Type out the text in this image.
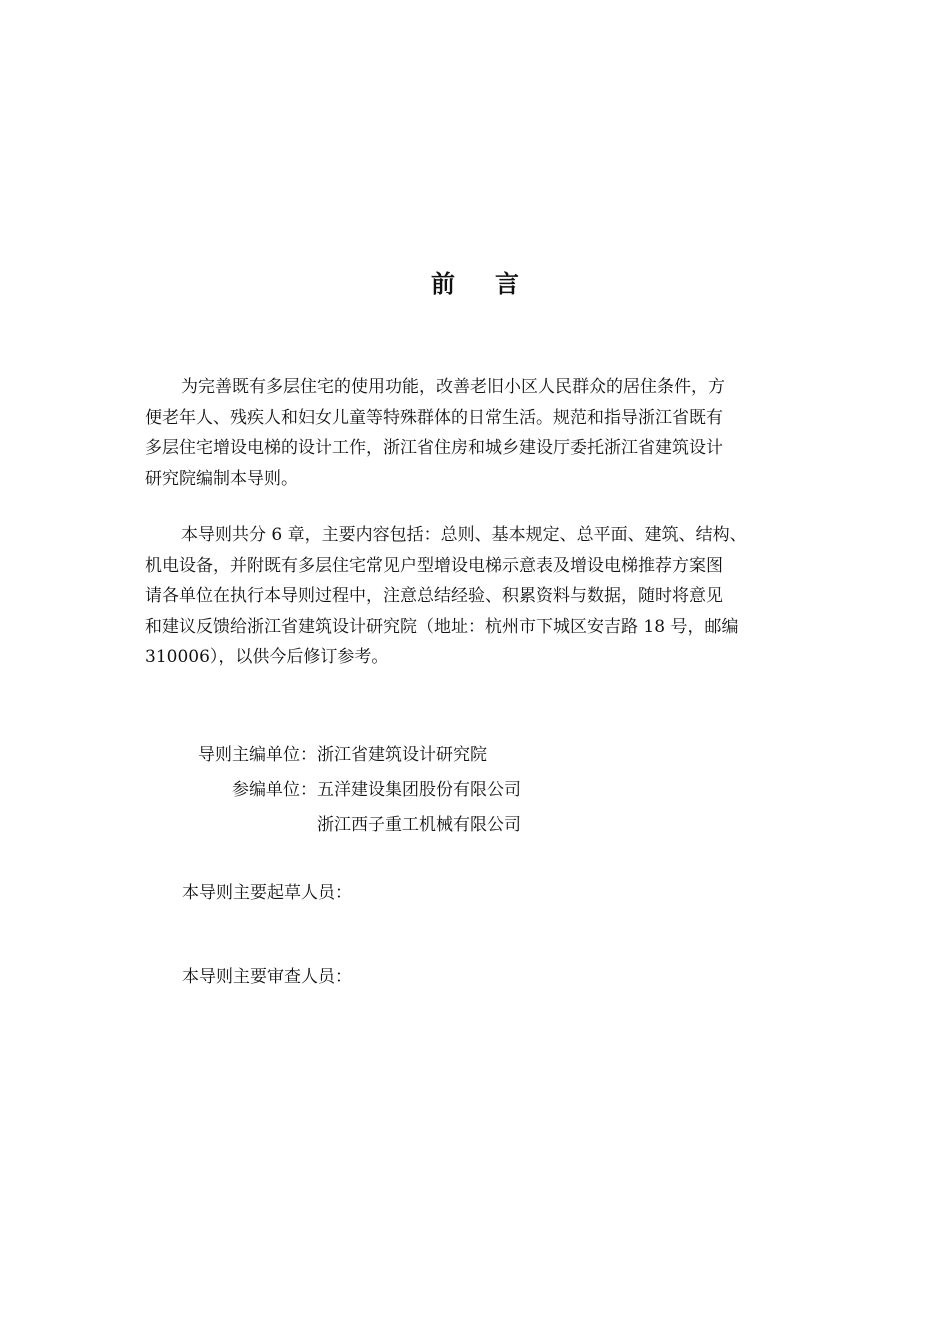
前言

为完善既有多层住宅的使用功能，改善老旧小区人民群众的居住条件，方
便老年人、残疾人和妇女儿童等特殊群体的日常生活。规范和指导浙江省既有
多层住宅增设电梯的设计工作，浙江省住房和城乡建设厅委托浙江省建筑设计
研究院编制本导则。

本导则共分 6 章，主要内容包括：总则、基本规定、总平面、建筑、结构、
机电设备，并附既有多层住宅常见户型增设电梯示意表及增设电梯推荐方案图
请各单位在执行本导则过程中，注意总结经验、积累资料与数据，随时将意见
和建议反馈给浙江省建筑设计研究院（地址：杭州市下城区安吉路 18 号，邮编
310006），以供今后修订参考。

导则主编单位：浙江省建筑设计研究院
参编单位：五洋建设集团股份有限公司
浙江西子重工机械有限公司

本导则主要起草人员：

本导则主要审查人员：
